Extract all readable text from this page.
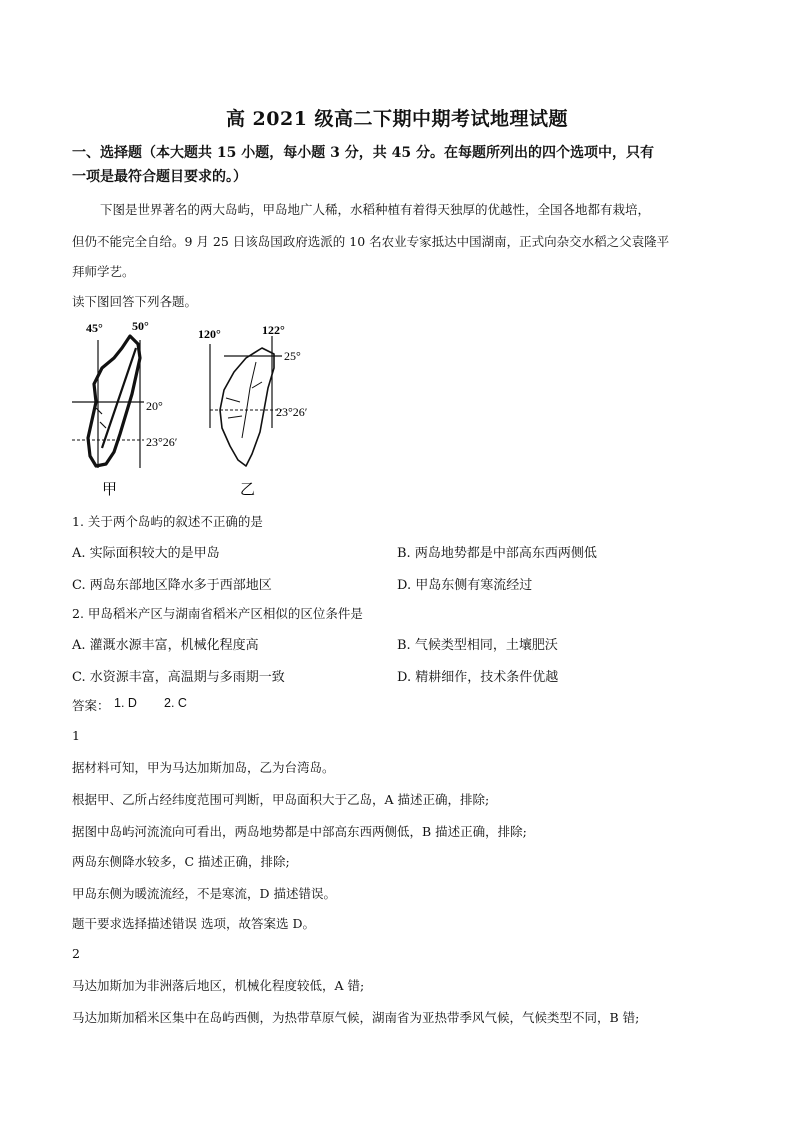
高 2021 级高二下期中期考试地理试题
一、选择题（本大题共 15 小题，每小题 3 分，共 45 分。在每题所列出的四个选项中，只有
一项是最符合题目要求的。）
下图是世界著名的两大岛屿，甲岛地广人稀，水稻种植有着得天独厚的优越性，全国各地都有栽培，
但仍不能完全自给。9 月 25 日该岛国政府选派的 10 名农业专家抵达中国湖南，正式向杂交水稻之父袁隆平
拜师学艺。
读下图回答下列各题。
45° 50°
20°
23°26′
甲
120°	122°
25°
23°26′
乙
1. 关于两个岛屿的叙述不正确的是
A. 实际面积较大的是甲岛	B. 两岛地势都是中部高东西两侧低
C. 两岛东部地区降水多于西部地区	D. 甲岛东侧有寒流经过
2. 甲岛稻米产区与湖南省稻米产区相似的区位条件是
A. 灌溉水源丰富，机械化程度高	B. 气候类型相同，土壤肥沃
C. 水资源丰富，高温期与多雨期一致	D. 精耕细作，技术条件优越
答案： 1. D 2. C
1
据材料可知，甲为马达加斯加岛，乙为台湾岛。
根据甲、乙所占经纬度范围可判断，甲岛面积大于乙岛，A 描述正确，排除;
据图中岛屿河流流向可看出，两岛地势都是中部高东西两侧低，B 描述正确，排除;
两岛东侧降水较多，C 描述正确，排除;
甲岛东侧为暖流流经，不是寒流，D 描述错误。
题干要求选择描述错误 选项，故答案选 D。
2
马达加斯加为非洲落后地区，机械化程度较低，A 错;
马达加斯加稻米区集中在岛屿西侧，为热带草原气候，湖南省为亚热带季风气候，气候类型不同，B 错;
